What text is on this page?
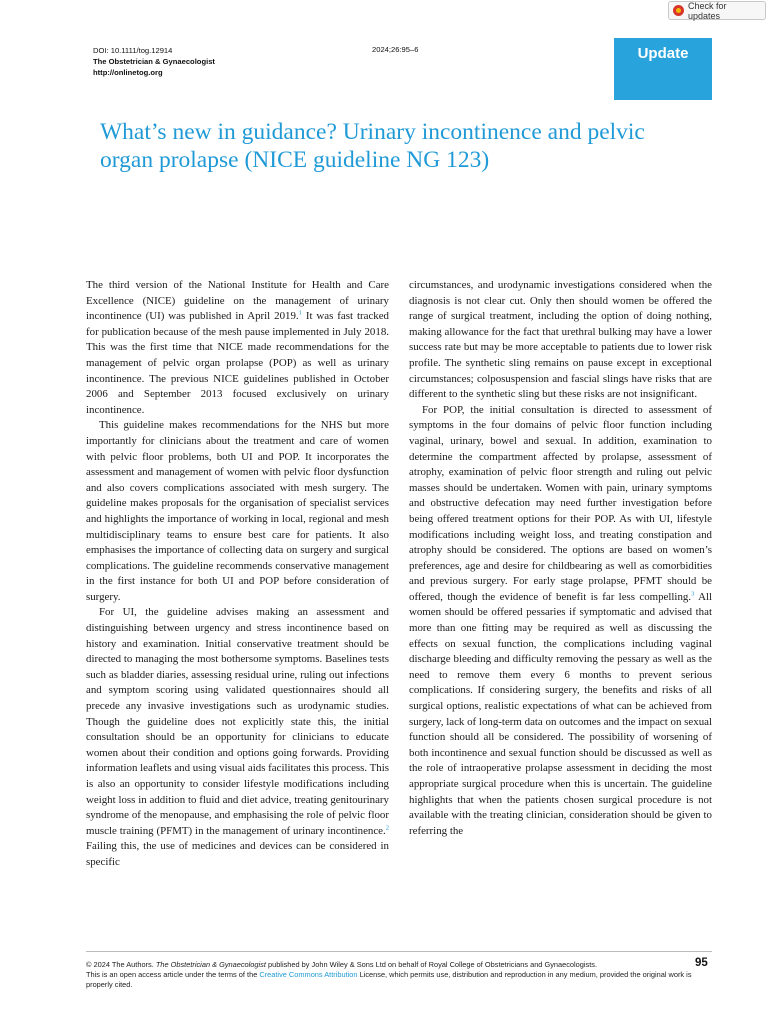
Check for updates
DOI: 10.1111/tog.12914
The Obstetrician & Gynaecologist
http://onlinetog.org
2024;26:95–6	Update
What’s new in guidance? Urinary incontinence and pelvic organ prolapse (NICE guideline NG 123)

The third version of the National Institute for Health and Care Excellence (NICE) guideline on the management of urinary incontinence (UI) was published in April 2019.$^1$ It was fast tracked for publication because of the mesh pause implemented in July 2018. This was the first time that NICE made recommendations for the management of pelvic organ prolapse (POP) as well as urinary incontinence. The previous NICE guidelines published in October 2006 and September 2013 focused exclusively on urinary incontinence.

This guideline makes recommendations for the NHS but more importantly for clinicians about the treatment and care of women with pelvic floor problems, both UI and POP. It incorporates the assessment and management of women with pelvic floor dysfunction and also covers complications associated with mesh surgery. The guideline makes proposals for the organisation of specialist services and highlights the importance of working in local, regional and mesh multidisciplinary teams to ensure best care for patients. It also emphasises the importance of collecting data on surgery and surgical complications. The guideline recommends conservative management in the first instance for both UI and POP before consideration of surgery.

For UI, the guideline advises making an assessment and distinguishing between urgency and stress incontinence based on history and examination. Initial conservative treatment should be directed to managing the most bothersome symptoms. Baselines tests such as bladder diaries, assessing residual urine, ruling out infections and symptom scoring using validated questionnaires should all precede any invasive investigations such as urodynamic studies. Though the guideline does not explicitly state this, the initial consultation should be an opportunity for clinicians to educate women about their condition and options going forwards. Providing information leaflets and using visual aids facilitates this process. This is also an opportunity to consider lifestyle modifications including weight loss in addition to fluid and diet advice, treating genitourinary syndrome of the menopause, and emphasising the role of pelvic floor muscle training (PFMT) in the management of urinary incontinence.$^2$ Failing this, the use of medicines and devices can be considered in specific

circumstances, and urodynamic investigations considered when the diagnosis is not clear cut. Only then should women be offered the range of surgical treatment, including the option of doing nothing, making allowance for the fact that urethral bulking may have a lower success rate but may be more acceptable to patients due to lower risk profile. The synthetic sling remains on pause except in exceptional circumstances; colposuspension and fascial slings have risks that are different to the synthetic sling but these risks are not insignificant.

For POP, the initial consultation is directed to assessment of symptoms in the four domains of pelvic floor function including vaginal, urinary, bowel and sexual. In addition, examination to determine the compartment affected by prolapse, assessment of atrophy, examination of pelvic floor strength and ruling out pelvic masses should be undertaken. Women with pain, urinary symptoms and obstructive defecation may need further investigation before being offered treatment options for their POP. As with UI, lifestyle modifications including weight loss, and treating constipation and atrophy should be considered. The options are based on women’s preferences, age and desire for childbearing as well as comorbidities and previous surgery. For early stage prolapse, PFMT should be offered, though the evidence of benefit is far less compelling.$^3$ All women should be offered pessaries if symptomatic and advised that more than one fitting may be required as well as discussing the effects on sexual function, the complications including vaginal discharge bleeding and difficulty removing the pessary as well as the need to remove them every 6 months to prevent serious complications. If considering surgery, the benefits and risks of all surgical options, realistic expectations of what can be achieved from surgery, lack of long-term data on outcomes and the impact on sexual function should all be considered. The possibility of worsening of both incontinence and sexual function should be discussed as well as the role of intraoperative prolapse assessment in deciding the most appropriate surgical procedure when this is uncertain. The guideline highlights that when the patients chosen surgical procedure is not available with the treating clinician, consideration should be given to referring the

© 2024 The Authors. The Obstetrician & Gynaecologist published by John Wiley & Sons Ltd on behalf of Royal College of Obstetricians and Gynaecologists.
This is an open access article under the terms of the Creative Commons Attribution License, which permits use, distribution and reproduction in any medium, provided the original work is properly cited.
95
